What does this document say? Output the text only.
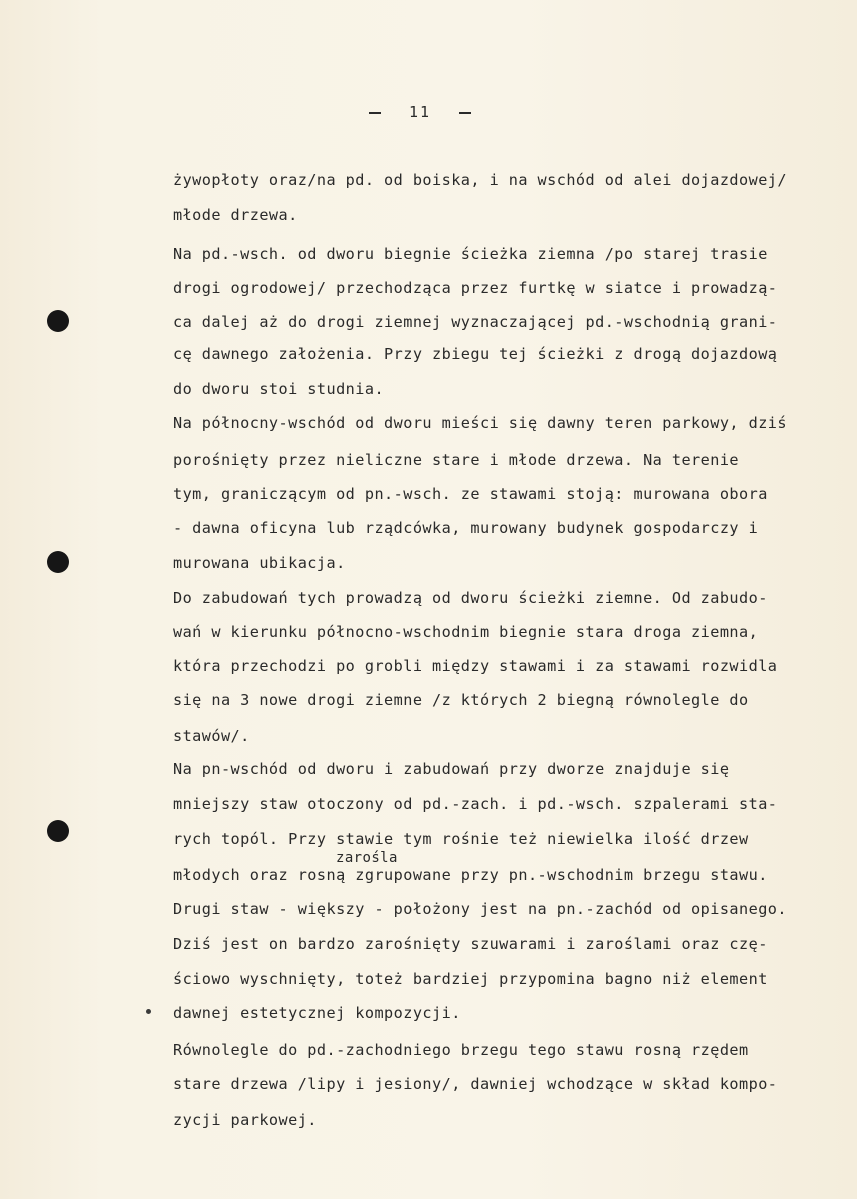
11
żywopłoty oraz/na pd. od boiska, i na wschód od alei dojazdowej/
młode drzewa.
Na pd.-wsch. od dworu biegnie ścieżka ziemna /po starej trasie
drogi ogrodowej/ przechodząca przez furtkę w siatce i prowadzą-
ca dalej aż do drogi ziemnej wyznaczającej pd.-wschodnią grani-
cę dawnego założenia. Przy zbiegu tej ścieżki z drogą dojazdową
do dworu stoi studnia.
Na północny-wschód od dworu mieści się dawny teren parkowy, dziś
porośnięty przez nieliczne stare i młode drzewa. Na terenie
tym, graniczącym od pn.-wsch. ze stawami stoją: murowana obora
- dawna oficyna lub rządcówka, murowany budynek gospodarczy i
murowana ubikacja.
Do zabudowań tych prowadzą od dworu ścieżki ziemne. Od zabudo-
wań w kierunku północno-wschodnim biegnie stara droga ziemna,
która przechodzi po grobli między stawami i za stawami rozwidla
się na 3 nowe drogi ziemne /z których 2 biegną równolegle do
stawów/.
Na pn-wschód od dworu i zabudowań przy dworze znajduje się
mniejszy staw otoczony od pd.-zach. i pd.-wsch. szpalerami sta-
rych topól. Przy stawie tym rośnie też niewielka ilość drzew
zarośla
młodych oraz rosną zgrupowane przy pn.-wschodnim brzegu stawu.
Drugi staw - większy - położony jest na pn.-zachód od opisanego.
Dziś jest on bardzo zarośnięty szuwarami i zaroślami oraz czę-
ściowo wyschnięty, toteż bardziej przypomina bagno niż element
dawnej estetycznej kompozycji.
Równolegle do pd.-zachodniego brzegu tego stawu rosną rzędem
stare drzewa /lipy i jesiony/, dawniej wchodzące w skład kompo-
zycji parkowej.
